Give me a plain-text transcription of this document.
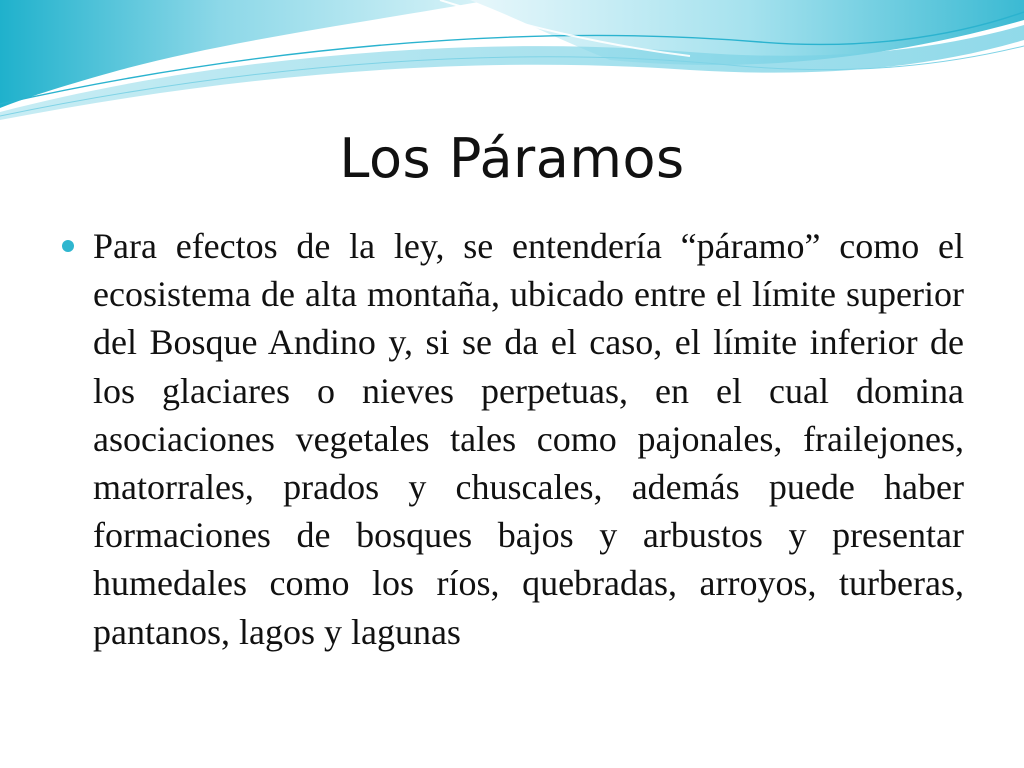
Los Páramos

Para efectos de la ley, se entendería “páramo” como el ecosistema de alta montaña, ubicado entre el límite superior del Bosque Andino y, si se da el caso, el límite inferior de los glaciares o nieves perpetuas, en el cual domina asociaciones vegetales tales como pajonales, frailejones, matorrales, prados y chuscales, además puede haber formaciones de bosques bajos y arbustos y presentar humedales como los ríos, quebradas, arroyos, turberas, pantanos, lagos y lagunas
